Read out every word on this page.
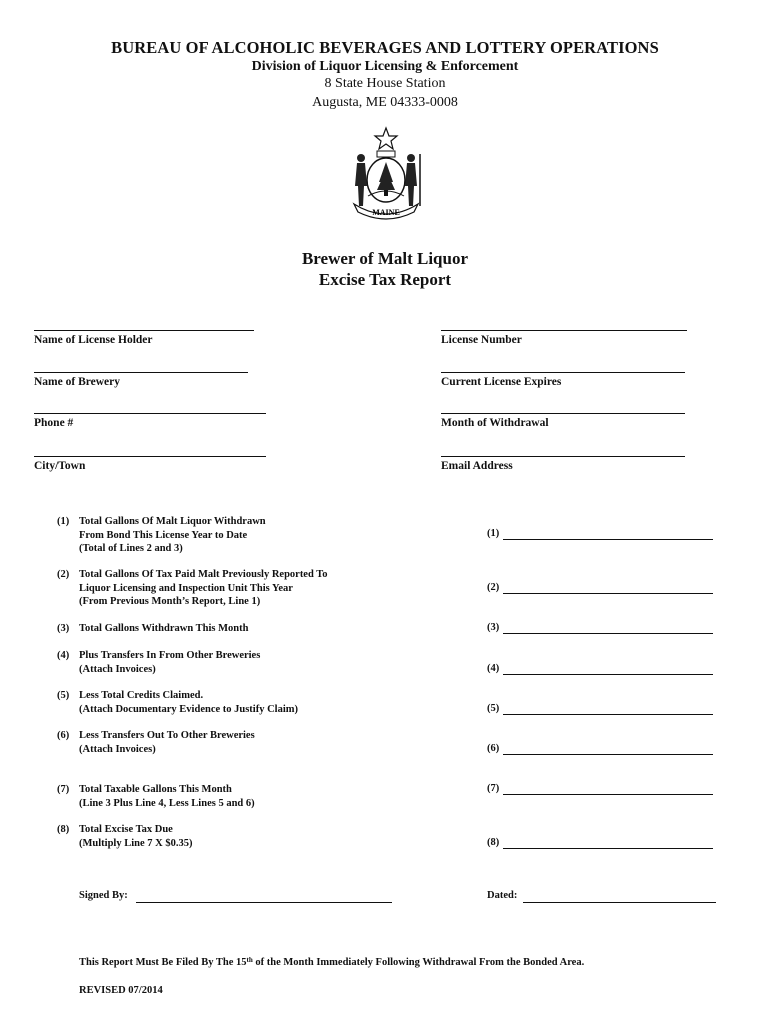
BUREAU OF ALCOHOLIC BEVERAGES AND LOTTERY OPERATIONS
Division of Liquor Licensing & Enforcement
8 State House Station
Augusta, ME 04333-0008
MAINE
Brewer of Malt Liquor
Excise Tax Report
Name of License Holder	License Number
Name of Brewery	Current License Expires
Phone #	Month of Withdrawal
City/Town	Email Address
(1) Total Gallons Of Malt Liquor Withdrawn
From Bond This License Year to Date
(Total of Lines 2 and 3)
(1)
(2) Total Gallons Of Tax Paid Malt Previously Reported To
Liquor Licensing and Inspection Unit This Year
(From Previous Month’s Report, Line 1)
(2)
(3) Total Gallons Withdrawn This Month	(3)
(4) Plus Transfers In From Other Breweries
(Attach Invoices)	(4)
(5) Less Total Credits Claimed.
(Attach Documentary Evidence to Justify Claim)	(5)
(6) Less Transfers Out To Other Breweries
(Attach Invoices)	(6)
(7) Total Taxable Gallons This Month
(Line 3 Plus Line 4, Less Lines 5 and 6)
(7)
(8) Total Excise Tax Due
(Multiply Line 7 X $0.35)	(8)
Signed By:	Dated:
This Report Must Be Filed By The 15th of the Month Immediately Following Withdrawal From the Bonded Area.
REVISED 07/2014
